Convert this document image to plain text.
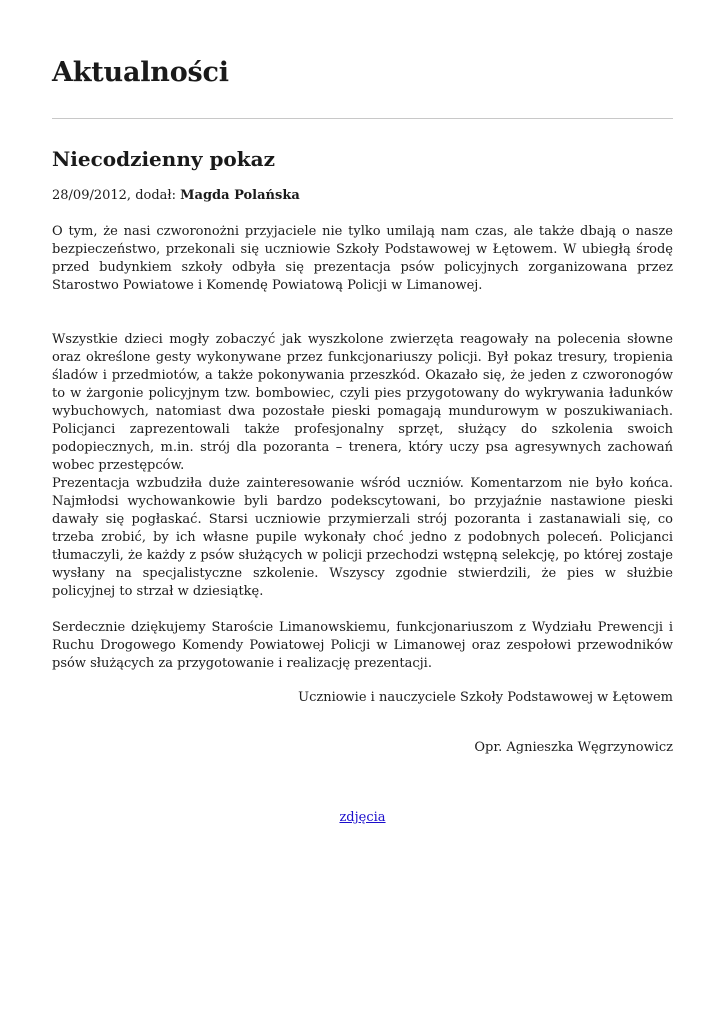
Aktualności
Niecodzienny pokaz
28/09/2012, dodał: Magda Polańska

O tym, że nasi czworonożni przyjaciele nie tylko umilają nam czas, ale także dbają o nasze bezpieczeństwo, przekonali się uczniowie Szkoły Podstawowej w Łętowem. W ubiegłą środę przed budynkiem szkoły odbyła się prezentacja psów policyjnych zorganizowana przez Starostwo Powiatowe i Komendę Powiatową Policji w Limanowej.

Wszystkie dzieci mogły zobaczyć jak wyszkolone zwierzęta reagowały na polecenia słowne oraz określone gesty wykonywane przez funkcjonariuszy policji. Był pokaz tresury, tropienia śladów i przedmiotów, a także pokonywania przeszkód. Okazało się, że jeden z czworonogów to w żargonie policyjnym tzw. bombowiec, czyli pies przygotowany do wykrywania ładunków wybuchowych, natomiast dwa pozostałe pieski pomagają mundurowym w poszukiwaniach. Policjanci zaprezentowali także profesjonalny sprzęt, służący do szkolenia swoich podopiecznych, m.in. strój dla pozoranta – trenera, który uczy psa agresywnych zachowań wobec przestępców.

Prezentacja wzbudziła duże zainteresowanie wśród uczniów. Komentarzom nie było końca. Najmłodsi wychowankowie byli bardzo podekscytowani, bo przyjaźnie nastawione pieski dawały się pogłaskać. Starsi uczniowie przymierzali strój pozoranta i zastanawiali się, co trzeba zrobić, by ich własne pupile wykonały choć jedno z podobnych poleceń. Policjanci tłumaczyli, że każdy z psów służących w policji przechodzi wstępną selekcję, po której zostaje wysłany na specjalistyczne szkolenie. Wszyscy zgodnie stwierdzili, że pies w służbie policyjnej to strzał w dziesiątkę.

Serdecznie dziękujemy Staroście Limanowskiemu, funkcjonariuszom z Wydziału Prewencji i Ruchu Drogowego Komendy Powiatowej Policji w Limanowej oraz zespołowi przewodników psów służących za przygotowanie i realizację prezentacji.

Uczniowie i nauczyciele Szkoły Podstawowej w Łętowem
Opr. Agnieszka Węgrzynowicz
zdjęcia
